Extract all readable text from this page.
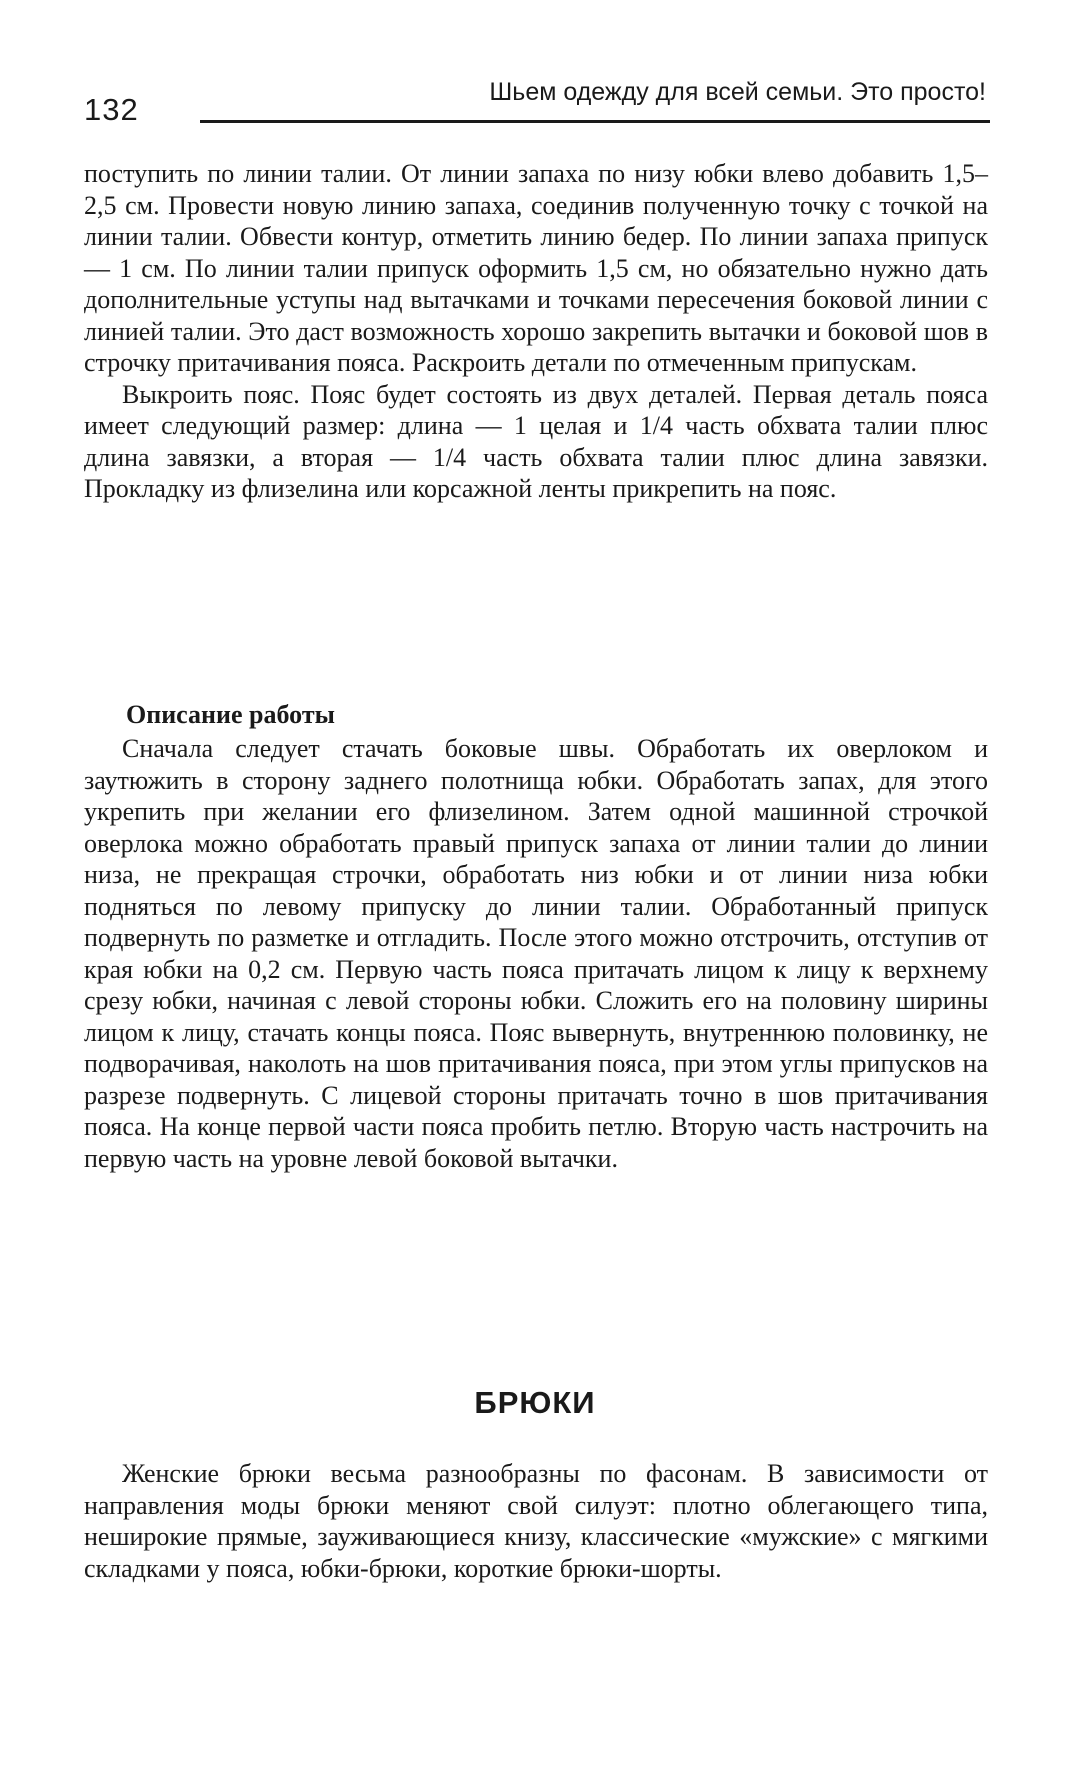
132	Шьем одежду для всей семьи. Это просто!

поступить по линии талии. От линии запаха по низу юбки влево добавить 1,5–2,5 см. Провести новую линию запаха, соединив полученную точку с точкой на линии талии. Обвести контур, отметить линию бедер. По линии запаха припуск — 1 см. По линии талии припуск оформить 1,5 см, но обязательно нужно дать дополнительные уступы над вытачками и точками пересечения боковой линии с линией талии. Это даст возможность хорошо закрепить вытачки и боковой шов в строчку притачивания пояса. Раскроить детали по отмеченным припускам.

Выкроить пояс. Пояс будет состоять из двух деталей. Первая деталь пояса имеет следующий размер: длина — 1 целая и 1/4 часть обхвата талии плюс длина завязки, а вторая — 1/4 часть обхвата талии плюс длина завязки. Прокладку из флизелина или корсажной ленты прикрепить на пояс.

Описание работы

Сначала следует стачать боковые швы. Обработать их оверлоком и заутюжить в сторону заднего полотнища юбки. Обработать запах, для этого укрепить при желании его флизелином. Затем одной машинной строчкой оверлока можно обработать правый припуск запаха от линии талии до линии низа, не прекращая строчки, обработать низ юбки и от линии низа юбки подняться по левому припуску до линии талии. Обработанный припуск подвернуть по разметке и отгладить. После этого можно отстрочить, отступив от края юбки на 0,2 см. Первую часть пояса притачать лицом к лицу к верхнему срезу юбки, начиная с левой стороны юбки. Сложить его на половину ширины лицом к лицу, стачать концы пояса. Пояс вывернуть, внутреннюю половинку, не подворачивая, наколоть на шов притачивания пояса, при этом углы припусков на разрезе подвернуть. С лицевой стороны притачать точно в шов притачивания пояса. На конце первой части пояса пробить петлю. Вторую часть настрочить на первую часть на уровне левой боковой вытачки.

БРЮКИ

Женские брюки весьма разнообразны по фасонам. В зависимости от направления моды брюки меняют свой силуэт: плотно облегающего типа, неширокие прямые, зауживающиеся книзу, классические «мужские» с мягкими складками у пояса, юбки-брюки, короткие брюки-шорты.
